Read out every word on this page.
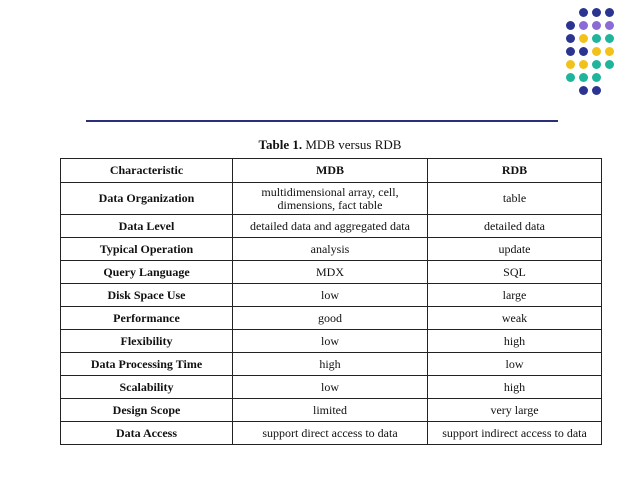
Table 1. MDB versus RDB
Characteristic	MDB	RDB
Data Organization	multidimensional array, cell, dimensions, fact table	table
Data Level	detailed data and aggregated data	detailed data
Typical Operation	analysis	update
Query Language	MDX	SQL
Disk Space Use	low	large
Performance	good	weak
Flexibility	low	high
Data Processing Time	high	low
Scalability	low	high
Design Scope	limited	very large
Data Access	support direct access to data	support indirect access to data
